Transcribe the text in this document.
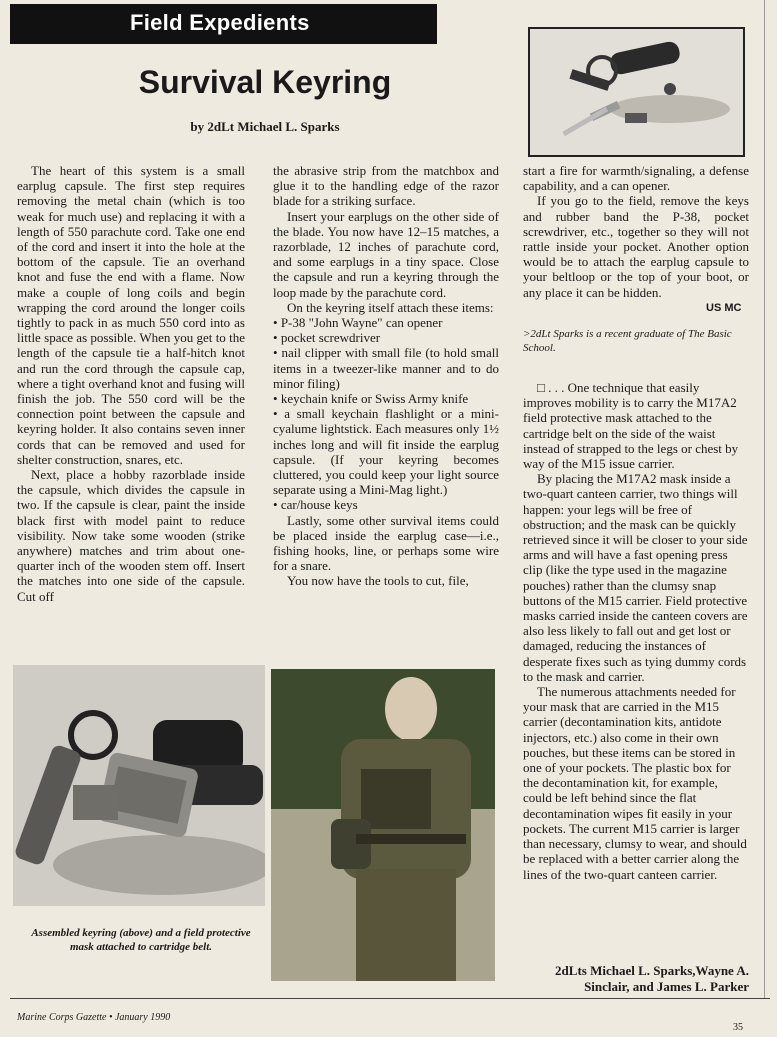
Field Expedients
Survival Keyring
by 2dLt Michael L. Sparks

The heart of this system is a small earplug capsule. The first step requires removing the metal chain (which is too weak for much use) and replacing it with a length of 550 parachute cord. Take one end of the cord and insert it into the hole at the bottom of the capsule. Tie an overhand knot and fuse the end with a flame. Now make a couple of long coils and begin wrapping the cord around the longer coils tightly to pack in as much 550 cord into as little space as possible. When you get to the length of the capsule tie a half-hitch knot and run the cord through the capsule cap, where a tight overhand knot and fusing will finish the job. The 550 cord will be the connection point between the capsule and keyring holder. It also contains seven inner cords that can be removed and used for shelter construction, snares, etc.

Next, place a hobby razorblade inside the capsule, which divides the capsule in two. If the capsule is clear, paint the inside black first with model paint to reduce visibility. Now take some wooden (strike anywhere) matches and trim about one-quarter inch of the wooden stem off. Insert the matches into one side of the capsule. Cut off

the abrasive strip from the matchbox and glue it to the handling edge of the razor blade for a striking surface.

Insert your earplugs on the other side of the blade. You now have 12–15 matches, a razorblade, 12 inches of parachute cord, and some earplugs in a tiny space. Close the capsule and run a keyring through the loop made by the parachute cord.

On the keyring itself attach these items:

• P-38 "John Wayne" can opener
• pocket screwdriver
• nail clipper with small file (to hold small items in a tweezer-like manner and to do minor filing)
• keychain knife or Swiss Army knife
• a small keychain flashlight or a mini-cyalume lightstick. Each measures only 1½ inches long and will fit inside the earplug capsule. (If your keyring becomes cluttered, you could keep your light source separate using a Mini-Mag light.)
• car/house keys

Lastly, some other survival items could be placed inside the earplug case—i.e., fishing hooks, line, or perhaps some wire for a snare.

You now have the tools to cut, file,

start a fire for warmth/signaling, a defense capability, and a can opener.

If you go to the field, remove the keys and rubber band the P-38, pocket screwdriver, etc., together so they will not rattle inside your pocket. Another option would be to attach the earplug capsule to your beltloop or the top of your boot, or any place it can be hidden.

US MC
>2dLt Sparks is a recent graduate of The Basic School.

□ . . . One technique that easily improves mobility is to carry the M17A2 field protective mask attached to the cartridge belt on the side of the waist instead of strapped to the legs or chest by way of the M15 issue carrier.

By placing the M17A2 mask inside a two-quart canteen carrier, two things will happen: your legs will be free of obstruction; and the mask can be quickly retrieved since it will be closer to your side arms and will have a fast opening press clip (like the type used in the magazine pouches) rather than the clumsy snap buttons of the M15 carrier. Field protective masks carried inside the canteen covers are also less likely to fall out and get lost or damaged, reducing the instances of desperate fixes such as tying dummy cords to the mask and carrier.

The numerous attachments needed for your mask that are carried in the M15 carrier (decontamination kits, antidote injectors, etc.) also come in their own pouches, but these items can be stored in one of your pockets. The plastic box for the decontamination kit, for example, could be left behind since the flat decontamination wipes fit easily in your pockets. The current M15 carrier is larger than necessary, clumsy to wear, and should be replaced with a better carrier along the lines of the two-quart canteen carrier.

2dLts Michael L. Sparks,Wayne A.
Sinclair, and James L. Parker
Assembled keyring (above) and a field protective mask attached to cartridge belt.
Marine Corps Gazette • January 1990
35
